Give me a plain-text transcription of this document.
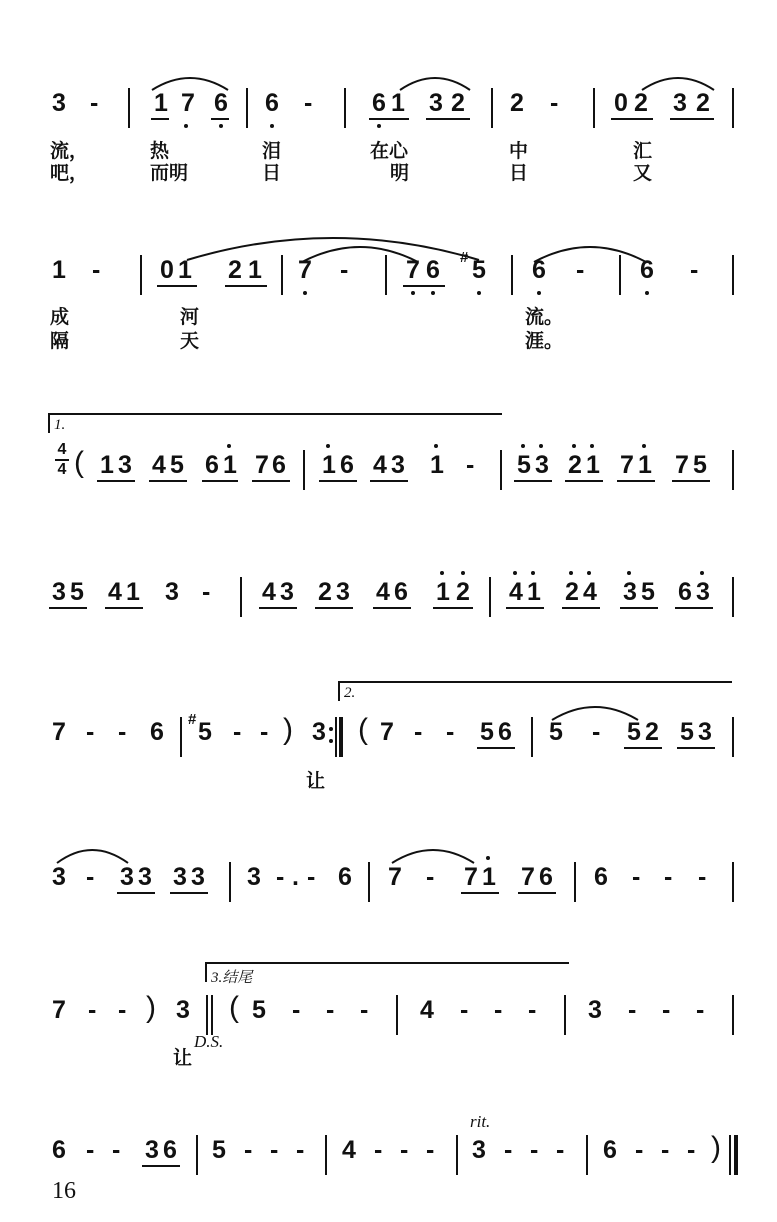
3 - 1 7 6 6 - 6 1 3 2 2 - 0 2 3 2
流，	热	泪	在心	中	汇
吧，	而明	日	明	日	又
1 - 0 1 2 1 7 - 7 6 # 5 6 - 6 -
成	河	流。
隔	天	涯。
1.
4
4 ( 1 3 4 5 6 1 7 6 1 6 4 3 1 - 5 3 2 1 7 1 7 5
3 5 4 1 3 - 4 3 2 3 4 6 1 2 4 1 2 4 3 5 6 3
2.
7 - - 6 # 5 - - ) 3 ( 7 - - 5 6 5 - 5 2 5 3
让
3 - 3 3 3 3 3 - . - 6 7 - 7 1 7 6 6 - - -
3.结尾
7 - - ) 3 ( 5 - - - 4 - - - 3 - - -
让
D.S.
rit.
6 - - 3 6 5 - - - 4 - - - 3 - - - 6 - - - )
16
